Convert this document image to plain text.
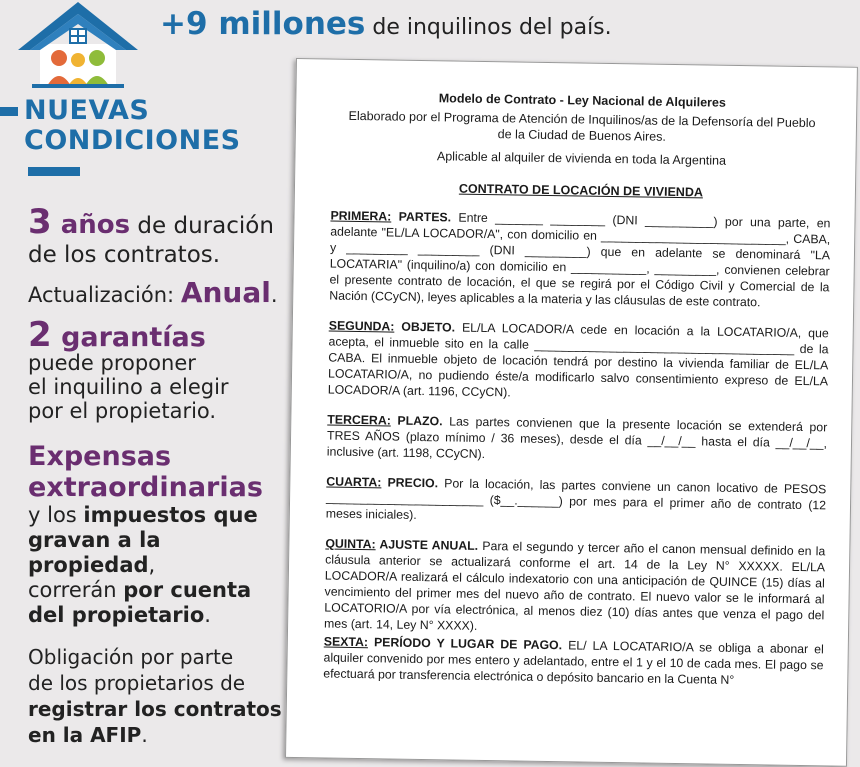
+9 millones de inquilinos del país.
NUEVAS
CONDICIONES
3 años de duración
de los contratos.
Actualización: Anual.
2 garantías
puede proponer
el inquilino a elegir
por el propietario.
Expensas
extraordinarias
y los impuestos que
gravan a la propiedad,
correrán por cuenta
del propietario.
Obligación por parte
de los propietarios de
registrar los contratos
en la AFIP.
Modelo de Contrato - Ley Nacional de Alquileres
Elaborado por el Programa de Atención de Inquilinos/as de la Defensoría del Pueblo
de la Ciudad de Buenos Aires.
Aplicable al alquiler de vivienda en toda la Argentina
CONTRATO DE LOCACIÓN DE VIVIENDA
PRIMERA: PARTES. Entre _______ ________ (DNI __________) por una parte, en adelante "EL/LA LOCADOR/A", con domicilio en ___________________________, CABA, y _________ _________ (DNI _________) que en adelante se denominará "LA LOCATARIA" (inquilino/a) con domicilio en ___________, _________, convienen celebrar el presente contrato de locación, el que se regirá por el Código Civil y Comercial de la Nación (CCyCN), leyes aplicables a la materia y las cláusulas de este contrato.
SEGUNDA: OBJETO. EL/LA LOCADOR/A cede en locación a la LOCATARIO/A, que acepta, el inmueble sito en la calle ______________________________________ de la CABA. El inmueble objeto de locación tendrá por destino la vivienda familiar de EL/LA LOCATARIO/A, no pudiendo éste/a modificarlo salvo consentimiento expreso de EL/LA LOCADOR/A (art. 1196, CCyCN).
TERCERA: PLAZO. Las partes convienen que la presente locación se extenderá por TRES AÑOS (plazo mínimo / 36 meses), desde el día __/__/__ hasta el día __/__/__, inclusive (art. 1198, CCyCN).
CUARTA: PRECIO. Por la locación, las partes conviene un canon locativo de PESOS _______________________ ($__.______) por mes para el primer año de contrato (12 meses iniciales).
QUINTA: AJUSTE ANUAL. Para el segundo y tercer año el canon mensual definido en la cláusula anterior se actualizará conforme el art. 14 de la Ley N° XXXXX. EL/LA LOCADOR/A realizará el cálculo indexatorio con una anticipación de QUINCE (15) días al vencimiento del primer mes del nuevo año de contrato. El nuevo valor se le informará al LOCATORIO/A por vía electrónica, al menos diez (10) días antes que venza el pago del mes (art. 14, Ley N° XXXX).
SEXTA: PERÍODO Y LUGAR DE PAGO. EL/ LA LOCATARIO/A se obliga a abonar el alquiler convenido por mes entero y adelantado, entre el 1 y el 10 de cada mes. El pago se efectuará por transferencia electrónica o depósito bancario en la Cuenta N°
